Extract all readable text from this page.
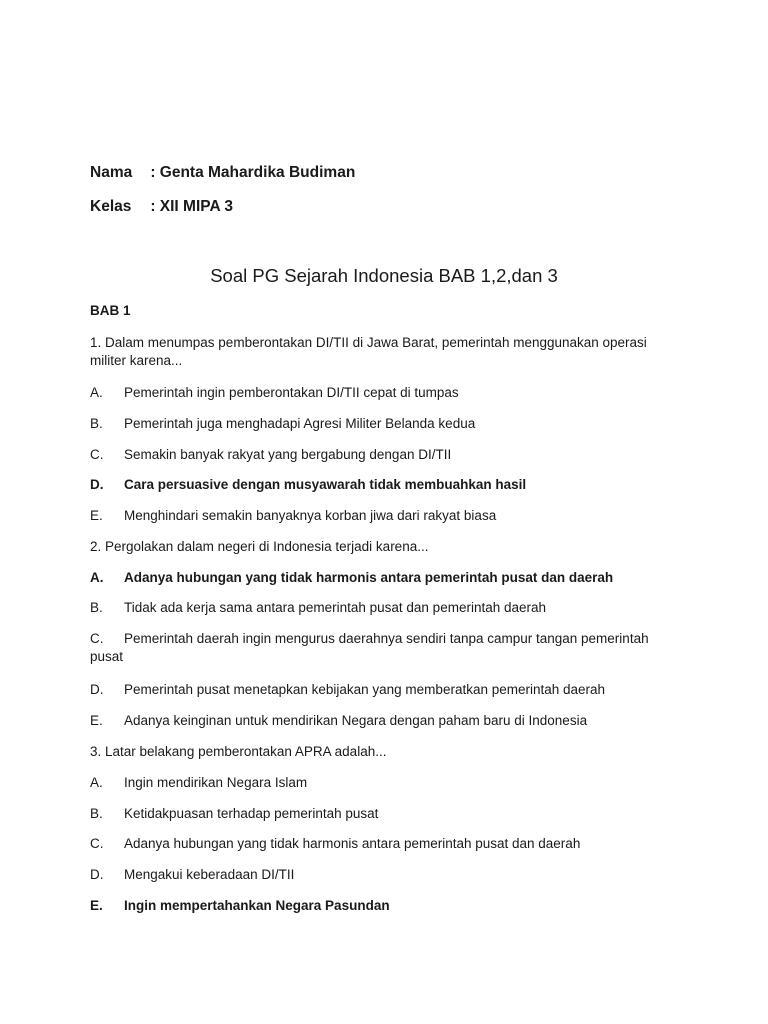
Nama : Genta Mahardika Budiman
Kelas : XII MIPA 3
Soal PG Sejarah Indonesia BAB 1,2,dan 3
BAB 1

1. Dalam menumpas pemberontakan DI/TII di Jawa Barat, pemerintah menggunakan operasi militer karena...

A. Pemerintah ingin pemberontakan DI/TII cepat di tumpas

B. Pemerintah juga menghadapi Agresi Militer Belanda kedua

C. Semakin banyak rakyat yang bergabung dengan DI/TII

D. Cara persuasive dengan musyawarah tidak membuahkan hasil

E. Menghindari semakin banyaknya korban jiwa dari rakyat biasa

2. Pergolakan dalam negeri di Indonesia terjadi karena...

A. Adanya hubungan yang tidak harmonis antara pemerintah pusat dan daerah

B. Tidak ada kerja sama antara pemerintah pusat dan pemerintah daerah

C. Pemerintah daerah ingin mengurus daerahnya sendiri tanpa campur tangan pemerintah pusat

D. Pemerintah pusat menetapkan kebijakan yang memberatkan pemerintah daerah

E. Adanya keinginan untuk mendirikan Negara dengan paham baru di Indonesia

3. Latar belakang pemberontakan APRA adalah...

A. Ingin mendirikan Negara Islam

B. Ketidakpuasan terhadap pemerintah pusat

C. Adanya hubungan yang tidak harmonis antara pemerintah pusat dan daerah

D. Mengakui keberadaan DI/TII

E. Ingin mempertahankan Negara Pasundan
